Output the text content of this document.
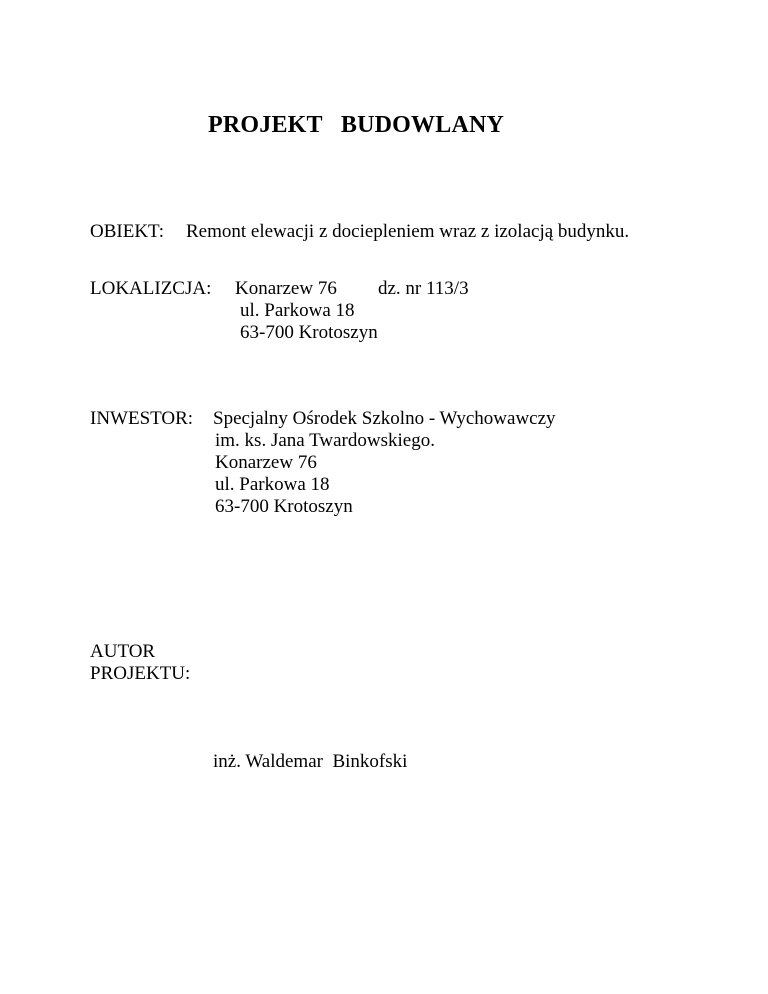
PROJEKT   BUDOWLANY
OBIEKT: Remont elewacji z dociepleniem wraz z izolacją budynku.
LOKALIZCJA: Konarzew 76 dz. nr 113/3
ul. Parkowa 18
63-700 Krotoszyn
INWESTOR: Specjalny Ośrodek Szkolno - Wychowawczy
im. ks. Jana Twardowskiego.
Konarzew 76
ul. Parkowa 18
63-700 Krotoszyn
AUTOR
PROJEKTU:
inż. Waldemar  Binkofski
